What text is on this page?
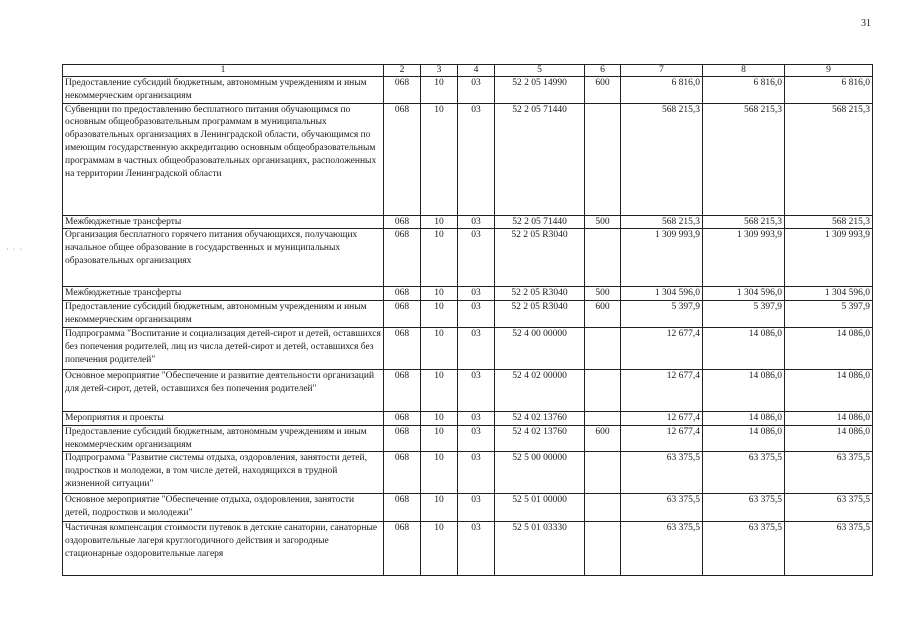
31
· · ·
1	2	3	4	5	6	7	8	9
Предоставление субсидий бюджетным, автономным учреждениям и иным некоммерческим организациям	068	10	03	52 2 05 14990	600	6 816,0	6 816,0	6 816,0
Субвенции по предоставлению бесплатного питания обучающимся по основным общеобразовательным программам в муниципальных образовательных организациях в Ленинградской области, обучающимся по имеющим государственную аккредитацию основным общеобразовательным программам в частных общеобразовательных организациях, расположенных на территории Ленинградской области	068	10	03	52 2 05 71440		568 215,3	568 215,3	568 215,3
Межбюджетные трансферты	068	10	03	52 2 05 71440	500	568 215,3	568 215,3	568 215,3
Организация бесплатного горячего питания обучающихся, получающих начальное общее образование в государственных и муниципальных образовательных организациях	068	10	03	52 2 05 R3040		1 309 993,9	1 309 993,9	1 309 993,9
Межбюджетные трансферты	068	10	03	52 2 05 R3040	500	1 304 596,0	1 304 596,0	1 304 596,0
Предоставление субсидий бюджетным, автономным учреждениям и иным некоммерческим организациям	068	10	03	52 2 05 R3040	600	5 397,9	5 397,9	5 397,9
Подпрограмма "Воспитание и социализация детей-сирот и детей, оставшихся без попечения родителей, лиц из числа детей-сирот и детей, оставшихся без попечения родителей"	068	10	03	52 4 00 00000		12 677,4	14 086,0	14 086,0
Основное мероприятие "Обеспечение и развитие деятельности организаций для детей-сирот, детей, оставшихся без попечения родителей"	068	10	03	52 4 02 00000		12 677,4	14 086,0	14 086,0
Мероприятия и проекты	068	10	03	52 4 02 13760		12 677,4	14 086,0	14 086,0
Предоставление субсидий бюджетным, автономным учреждениям и иным некоммерческим организациям	068	10	03	52 4 02 13760	600	12 677,4	14 086,0	14 086,0
Подпрограмма "Развитие системы отдыха, оздоровления, занятости детей, подростков и молодежи, в том числе детей, находящихся в трудной жизненной ситуации"	068	10	03	52 5 00 00000		63 375,5	63 375,5	63 375,5
Основное мероприятие "Обеспечение отдыха, оздоровления, занятости детей, подростков и молодежи"	068	10	03	52 5 01 00000		63 375,5	63 375,5	63 375,5
Частичная компенсация стоимости путевок в детские санатории, санаторные оздоровительные лагеря круглогодичного действия и загородные стационарные оздоровительные лагеря	068	10	03	52 5 01 03330		63 375,5	63 375,5	63 375,5
